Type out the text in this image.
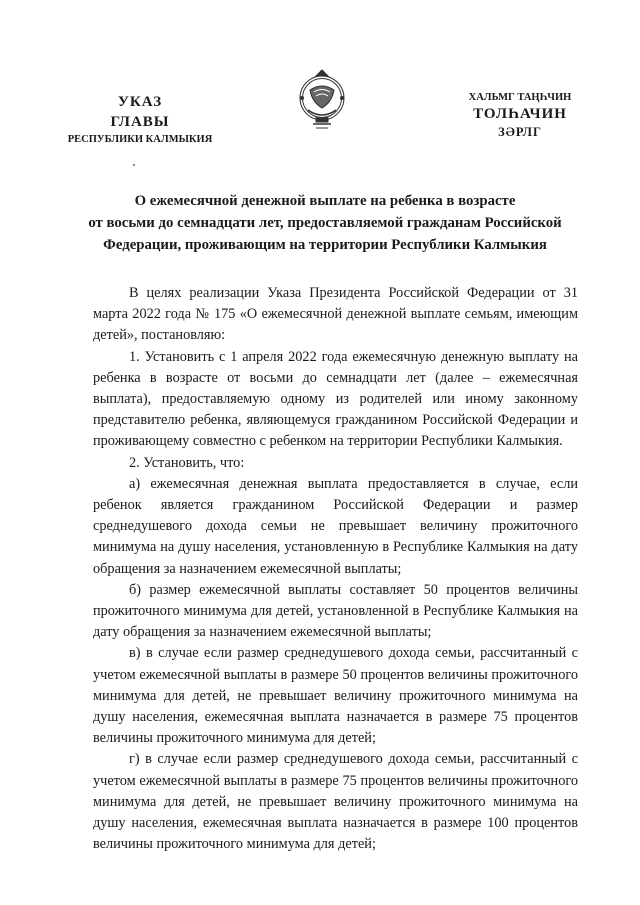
УКАЗ
ГЛАВЫ
РЕСПУБЛИКИ КАЛМЫКИЯ
ХАЛЬМГ ТАҢҺЧИН
ТОЛҺАЧИН
ЗӘРЛГ
О ежемесячной денежной выплате на ребенка в возрасте
от восьми до семнадцати лет, предоставляемой гражданам Российской
Федерации, проживающим на территории Республики Калмыкия

В целях реализации Указа Президента Российской Федерации от 31 марта 2022 года № 175 «О ежемесячной денежной выплате семьям, имеющим детей», постановляю:

1. Установить с 1 апреля 2022 года ежемесячную денежную выплату на ребенка в возрасте от восьми до семнадцати лет (далее – ежемесячная выплата), предоставляемую одному из родителей или иному законному представителю ребенка, являющемуся гражданином Российской Федерации и проживающему совместно с ребенком на территории Республики Калмыкия.

2. Установить, что:

а) ежемесячная денежная выплата предоставляется в случае, если ребенок является гражданином Российской Федерации и размер среднедушевого дохода семьи не превышает величину прожиточного минимума на душу населения, установленную в Республике Калмыкия на дату обращения за назначением ежемесячной выплаты;

б) размер ежемесячной выплаты составляет 50 процентов величины прожиточного минимума для детей, установленной в Республике Калмыкия на дату обращения за назначением ежемесячной выплаты;

в) в случае если размер среднедушевого дохода семьи, рассчитанный с учетом ежемесячной выплаты в размере 50 процентов величины прожиточного минимума для детей, не превышает величину прожиточного минимума на душу населения, ежемесячная выплата назначается в размере 75 процентов величины прожиточного минимума для детей;

г) в случае если размер среднедушевого дохода семьи, рассчитанный с учетом ежемесячной выплаты в размере 75 процентов величины прожиточного минимума для детей, не превышает величину прожиточного минимума на душу населения, ежемесячная выплата назначается в размере 100 процентов величины прожиточного минимума для детей;
